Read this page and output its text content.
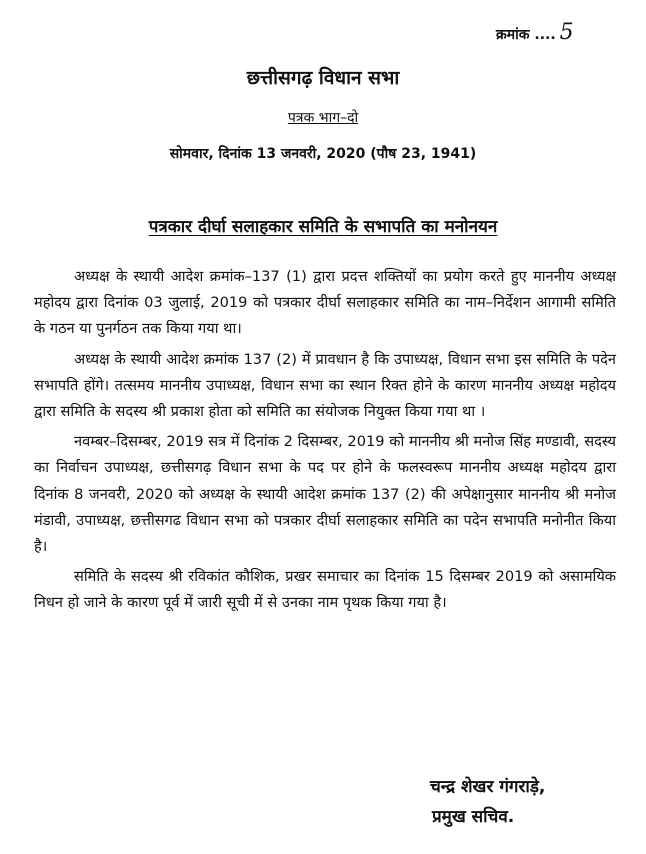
क्रमांक .... 5
छत्तीसगढ़ विधान सभा
पत्रक भाग–दो
सोमवार, दिनांक 13 जनवरी, 2020 (पौष 23, 1941)
पत्रकार दीर्घा सलाहकार समिति के सभापति का मनोनयन

अध्यक्ष के स्थायी आदेश क्रमांक–137 (1) द्वारा प्रदत्त शक्तियों का प्रयोग करते हुए माननीय अध्यक्ष महोदय द्वारा दिनांक 03 जुलाई, 2019 को पत्रकार दीर्घा सलाहकार समिति का नाम–निर्देशन आगामी समिति के गठन या पुनर्गठन तक किया गया था।

अध्यक्ष के स्थायी आदेश क्रमांक 137 (2) में प्रावधान है कि उपाध्यक्ष, विधान सभा इस समिति के पदेन सभापति होंगे। तत्समय माननीय उपाध्यक्ष, विधान सभा का स्थान रिक्त होने के कारण माननीय अध्यक्ष महोदय द्वारा समिति के सदस्य श्री प्रकाश होता को समिति का संयोजक नियुक्त किया गया था ।

नवम्बर–दिसम्बर, 2019 सत्र में दिनांक 2 दिसम्बर, 2019 को माननीय श्री मनोज सिंह मण्डावी, सदस्य का निर्वाचन उपाध्यक्ष, छत्तीसगढ़ विधान सभा के पद पर होने के फलस्वरूप माननीय अध्यक्ष महोदय द्वारा दिनांक 8 जनवरी, 2020 को अध्यक्ष के स्थायी आदेश क्रमांक 137 (2) की अपेक्षानुसार माननीय श्री मनोज मंडावी, उपाध्यक्ष, छत्तीसगढ विधान सभा को पत्रकार दीर्घा सलाहकार समिति का पदेन सभापति मनोनीत किया है।

समिति के सदस्य श्री रविकांत कौशिक, प्रखर समाचार का दिनांक 15 दिसम्बर 2019 को असामयिक निधन हो जाने के कारण पूर्व में जारी सूची में से उनका नाम पृथक किया गया है।

चन्द्र शेखर गंगराड़े,
प्रमुख सचिव.
